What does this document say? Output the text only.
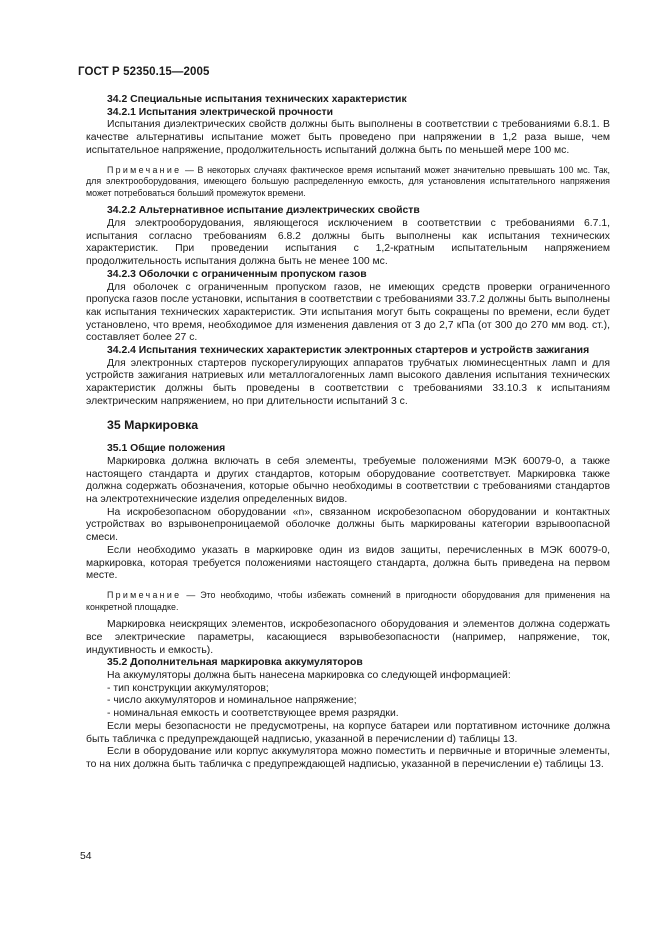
ГОСТ Р 52350.15—2005

34.2 Специальные испытания технических характеристик

34.2.1 Испытания электрической прочности

Испытания диэлектрических свойств должны быть выполнены в соответствии с требованиями 6.8.1. В качестве альтернативы испытание может быть проведено при напряжении в 1,2 раза выше, чем испытательное напряжение, продолжительность испытаний должна быть по меньшей мере 100 мс.

Примечание — В некоторых случаях фактическое время испытаний может значительно превышать 100 мс. Так, для электрооборудования, имеющего большую распределенную емкость, для установления испытательного напряжения может потребоваться больший промежуток времени.

34.2.2 Альтернативное испытание диэлектрических свойств

Для электрооборудования, являющегося исключением в соответствии с требованиями 6.7.1, испытания согласно требованиям 6.8.2 должны быть выполнены как испытания технических характеристик. При проведении испытания с 1,2-кратным испытательным напряжением продолжительность испытания должна быть не менее 100 мс.

34.2.3 Оболочки с ограниченным пропуском газов

Для оболочек с ограниченным пропуском газов, не имеющих средств проверки ограниченного пропуска газов после установки, испытания в соответствии с требованиями 33.7.2 должны быть выполнены как испытания технических характеристик. Эти испытания могут быть сокращены по времени, если будет установлено, что время, необходимое для изменения давления от 3 до 2,7 кПа (от 300 до 270 мм вод. ст.), составляет более 27 с.

34.2.4 Испытания технических характеристик электронных стартеров и устройств зажигания

Для электронных стартеров пускорегулирующих аппаратов трубчатых люминесцентных ламп и для устройств зажигания натриевых или металлогалогенных ламп высокого давления испытания технических характеристик должны быть проведены в соответствии с требованиями 33.10.3 к испытаниям электрическим напряжением, но при длительности испытаний 3 с.

35 Маркировка

35.1 Общие положения

Маркировка должна включать в себя элементы, требуемые положениями МЭК 60079-0, а также настоящего стандарта и других стандартов, которым оборудование соответствует. Маркировка также должна содержать обозначения, которые обычно необходимы в соответствии с требованиями стандартов на электротехнические изделия определенных видов.

На искробезопасном оборудовании «n», связанном искробезопасном оборудовании и контактных устройствах во взрывонепроницаемой оболочке должны быть маркированы категории взрывоопасной смеси.

Если необходимо указать в маркировке один из видов защиты, перечисленных в МЭК 60079-0, маркировка, которая требуется положениями настоящего стандарта, должна быть приведена на первом месте.

Примечание — Это необходимо, чтобы избежать сомнений в пригодности оборудования для применения на конкретной площадке.

Маркировка неискрящих элементов, искробезопасного оборудования и элементов должна содержать все электрические параметры, касающиеся взрывобезопасности (например, напряжение, ток, индуктивность и емкость).

35.2 Дополнительная маркировка аккумуляторов

На аккумуляторы должна быть нанесена маркировка со следующей информацией:

- тип конструкции аккумуляторов;

- число аккумуляторов и номинальное напряжение;

- номинальная емкость и соответствующее время разрядки.

Если меры безопасности не предусмотрены, на корпусе батареи или портативном источнике должна быть табличка с предупреждающей надписью, указанной в перечислении d) таблицы 13.

Если в оборудование или корпус аккумулятора можно поместить и первичные и вторичные элементы, то на них должна быть табличка с предупреждающей надписью, указанной в перечислении e) таблицы 13.

54
